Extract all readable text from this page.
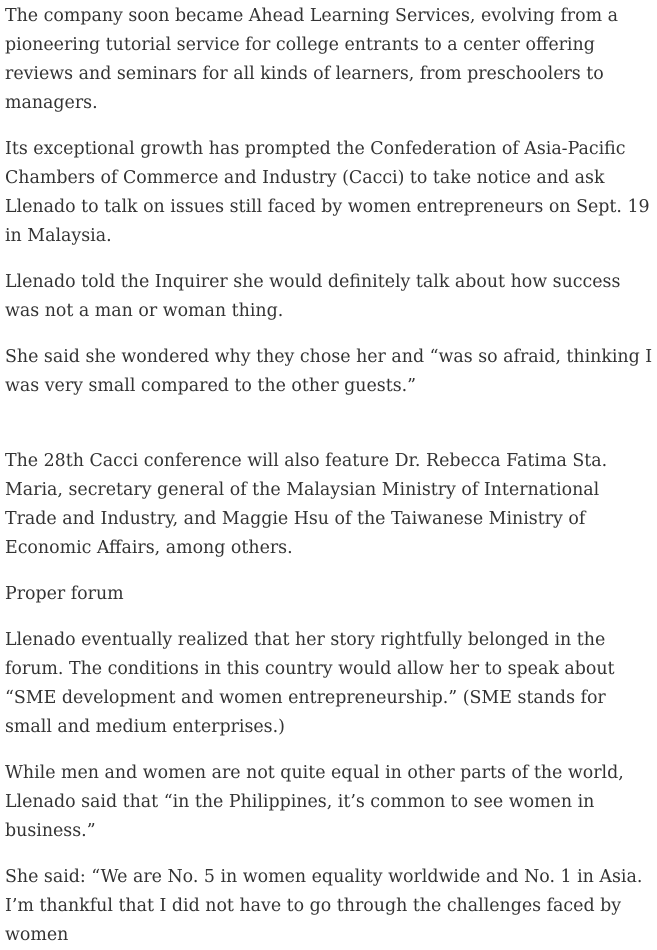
The company soon became Ahead Learning Services, evolving from a pioneering tutorial service for college entrants to a center offering reviews and seminars for all kinds of learners, from preschoolers to managers.

Its exceptional growth has prompted the Confederation of Asia-Pacific Chambers of Commerce and Industry (Cacci) to take notice and ask Llenado to talk on issues still faced by women entrepreneurs on Sept. 19 in Malaysia.

Llenado told the Inquirer she would definitely talk about how success was not a man or woman thing.

She said she wondered why they chose her and “was so afraid, thinking I was very small compared to the other guests.”

The 28th Cacci conference will also feature Dr. Rebecca Fatima Sta. Maria, secretary general of the Malaysian Ministry of International Trade and Industry, and Maggie Hsu of the Taiwanese Ministry of Economic Affairs, among others.

Proper forum

Llenado eventually realized that her story rightfully belonged in the forum. The conditions in this country would allow her to speak about “SME development and women entrepreneurship.” (SME stands for small and medium enterprises.)

While men and women are not quite equal in other parts of the world, Llenado said that “in the Philippines, it’s common to see women in business.”

She said: “We are No. 5 in women equality worldwide and No. 1 in Asia. I’m thankful that I did not have to go through the challenges faced by women
